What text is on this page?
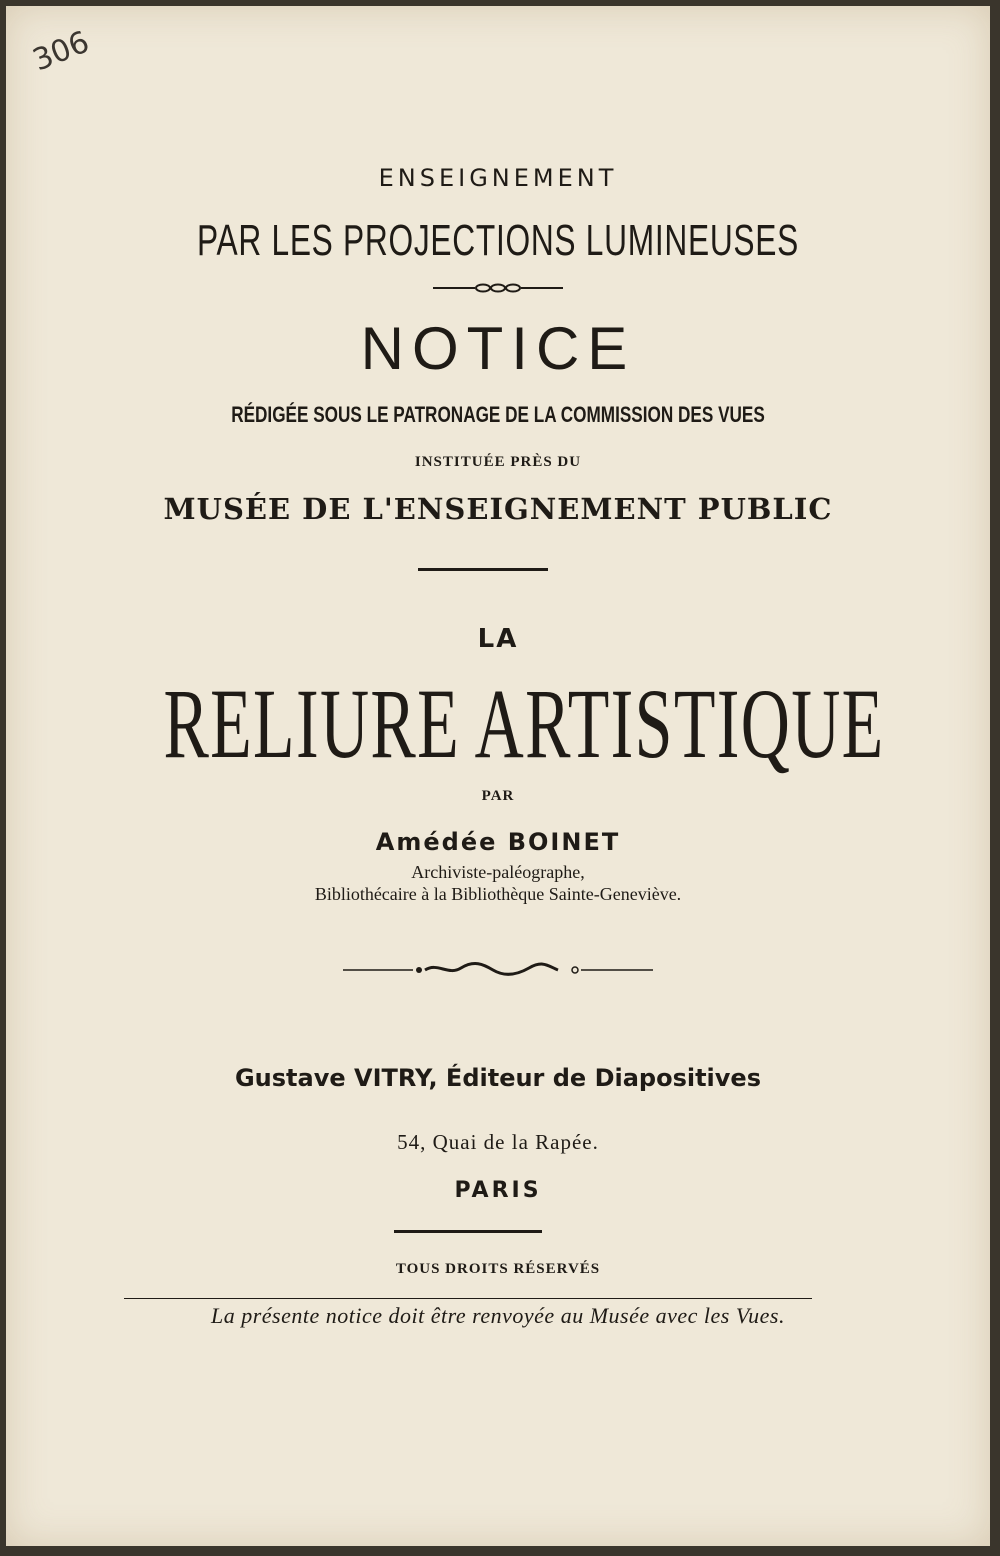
306
ENSEIGNEMENT
PAR LES PROJECTIONS LUMINEUSES
NOTICE
RÉDIGÉE SOUS LE PATRONAGE DE LA COMMISSION DES VUES
INSTITUÉE PRÈS DU
MUSÉE DE L'ENSEIGNEMENT PUBLIC
LA
RELIURE ARTISTIQUE
PAR
Amédée BOINET
Archiviste-paléographe,
Bibliothécaire à la Bibliothèque Sainte-Geneviève.
Gustave VITRY, Éditeur de Diapositives
54, Quai de la Rapée.
PARIS
TOUS DROITS RÉSERVÉS
La présente notice doit être renvoyée au Musée avec les Vues.
